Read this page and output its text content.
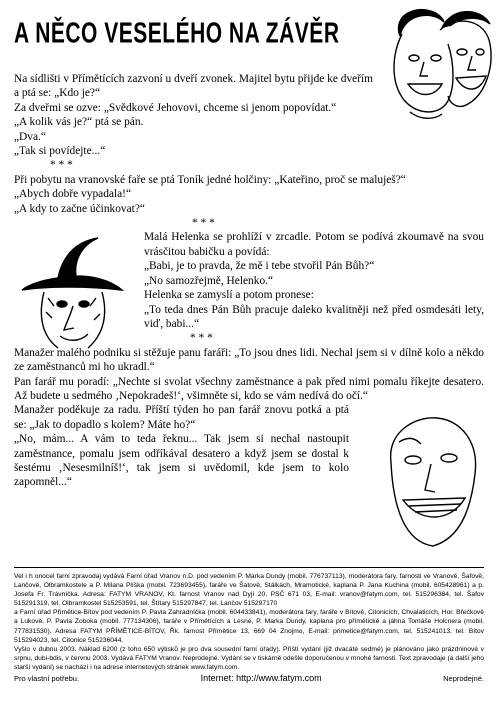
A NĚCO VESELÉHO NA ZÁVĚR

Na sídlišti v Přímětících zazvoní u dveří zvonek. Majitel bytu přijde ke dveřím a ptá se: „Kdo je?“

Za dveřmi se ozve: „Svědkové Jehovovi, chceme si jenom popovídat.“

„A kolik vás je?“ ptá se pán.

„Dva.“

„Tak si povídejte...“

* * *

Při pobytu na vranovské faře se ptá Toník jedné holčiny: „Kateřino, proč se maluješ?“

„Abych dobře vypadala!“

„A kdy to začne účinkovat?“

* * *

Malá Helenka se prohlíží v zrcadle. Potom se podívá zkoumavě na svou vrásčitou babičku a povídá:

„Babi, je to pravda, že mě i tebe stvořil Pán Bůh?“

„No samozřejmě, Helenko.“

Helenka se zamyslí a potom pronese:

„To teda dnes Pán Bůh pracuje daleko kvalitněji než před osmdesáti lety, viď, babi...“

* * *

Manažer malého podniku si stěžuje panu faráři: „To jsou dnes lidi. Nechal jsem si v dílně kolo a někdo ze zaměstnanců mi ho ukradl.“

Pan farář mu poradí: „Nechte si svolat všechny zaměstnance a pak před nimi pomalu říkejte desatero. Až budete u sedmého ‚Nepokradeš!‘, všimněte si, kdo se vám nedívá do očí.“

Manažer poděkuje za radu. Příští týden ho pan farář znovu potká a ptá se: „Jak to dopadlo s kolem? Máte ho?“

„No, mám... A vám to teda řeknu... Tak jsem si nechal nastoupit zaměstnance, pomalu jsem odříkával desatero a když jsem se dostal k šestému ‚Nesesmilníš!‘, tak jsem si uvědomil, kde jsem to kolo zapomněl...“

Vel i h onocel farní zpravodaj vydává Farní úřad Vranov n.D. pod vedením P. Marka Dundy (mobil. 776737113), moderátora fary, farnosti ve Vranově, Šafově, Lančově, Olbramkostele a P. Milana Plíška (mobil. 723693455), faráře ve Šatově, Stálkách, Mramotické, kaplana P. Jana Kuchina (mobil. 605428961) a p. Josefa Fr. Trávníčka. Adresa: FATYM VRANOV, Kt. farnost Vranov nad Dyjí 20, PSČ 671 03, E-mail: vranov@fatym.com, tel. 515296384, tel. Šafov 515291319, tel. Olbramkostel 515253591, tel. Štítary 515297847, tel. Lančov 515297170

a Farní úřad Přímětice-Bítov pod vedením P. Pavla Zahradníčka (mobil. 604433841), moderátora fary, faráře v Bítově, Citonicích, Chvalaticích, Hor. Břečkově a Lukově, P. Pavla Zoboka (mobil. 777134306), faráře v Přímětících a Lesné, P. Marka Dundy, kaplana pro přímětické a jáhna Tomáše Holcnera (mobil. 777831530). Adresa FATYM PŘÍMĚTICE-BÍTOV, Řk. farnost Přímětice 13, 669 04 Znojmo, E-mail: primetice@fatym.com, tel. 515241013, tel. Bítov 515294023, tel. Citonice 515236044.

Vyšlo v dubnu 2003. Náklad 6200 (z toho 650 výtisků je pro dva sousední farní úřady). Příští vydání (již dvacáté sedmé) je plánováno jako prázdninové v srpnu, dubi-bdis, v červnu 2003. Vydává FATYM Vranov. Neprodejné. Vydání se v tiskárně odešle doporučenou v mnohé farnosti. Text zpravodaje (a další jeho starší vydání) se nachází i na adrese internetových stránek www.fatym.com.

Pro vlastní potřebu.	Internet: http://www.fatym.com	Neprodejné.
